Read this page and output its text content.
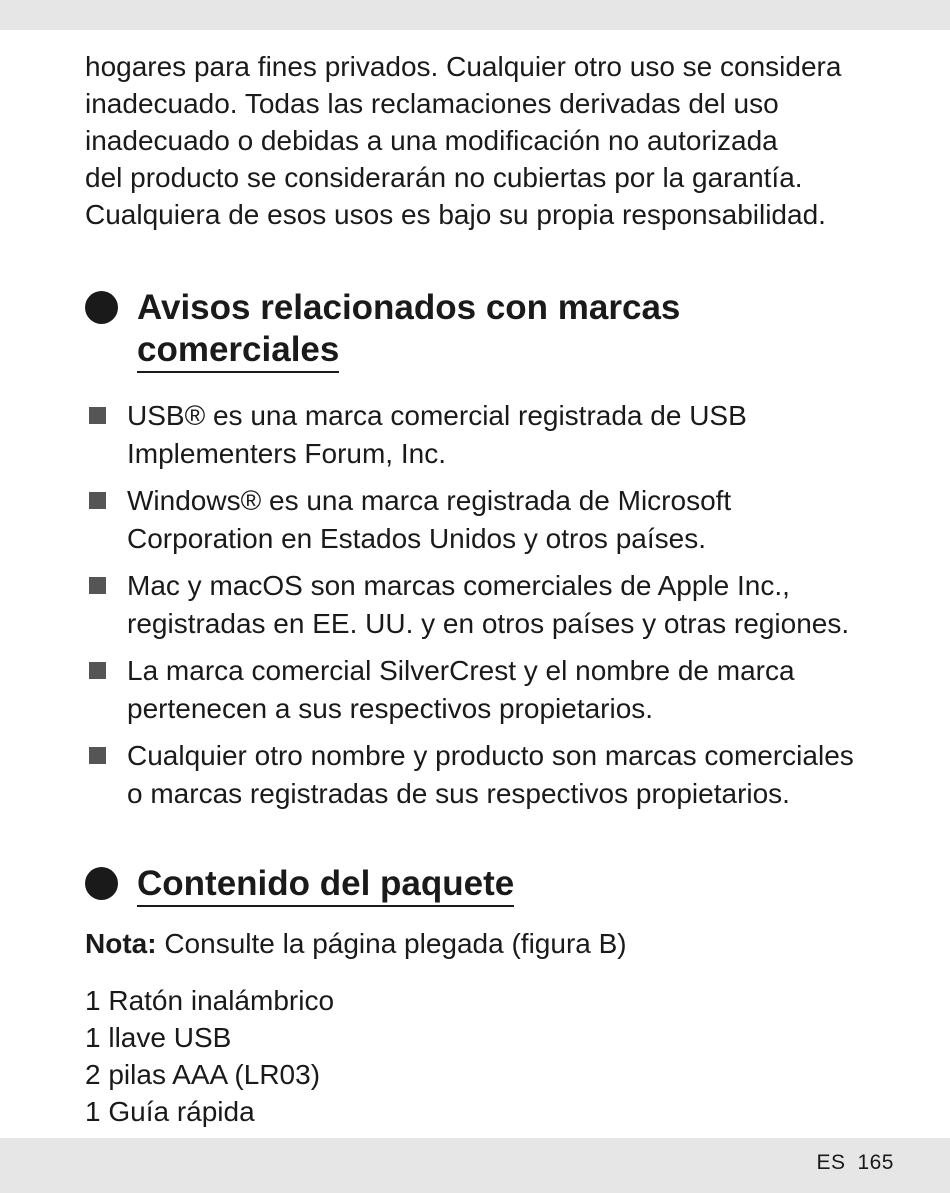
hogares para fines privados. Cualquier otro uso se considera
inadecuado. Todas las reclamaciones derivadas del uso
inadecuado o debidas a una modificación no autorizada
del producto se considerarán no cubiertas por la garantía.
Cualquiera de esos usos es bajo su propia responsabilidad.

Avisos relacionados con marcas
comerciales
USB® es una marca comercial registrada de USB
Implementers Forum, Inc.
Windows® es una marca registrada de Microsoft
Corporation en Estados Unidos y otros países.
Mac y macOS son marcas comerciales de Apple Inc.,
registradas en EE. UU. y en otros países y otras regiones.
La marca comercial SilverCrest y el nombre de marca
pertenecen a sus respectivos propietarios.
Cualquier otro nombre y producto son marcas comerciales
o marcas registradas de sus respectivos propietarios.
Contenido del paquete
Nota: Consulte la página plegada (figura B)
1 Ratón inalámbrico
1 llave USB
2 pilas AAA (LR03)
1 Guía rápida
ES 165
